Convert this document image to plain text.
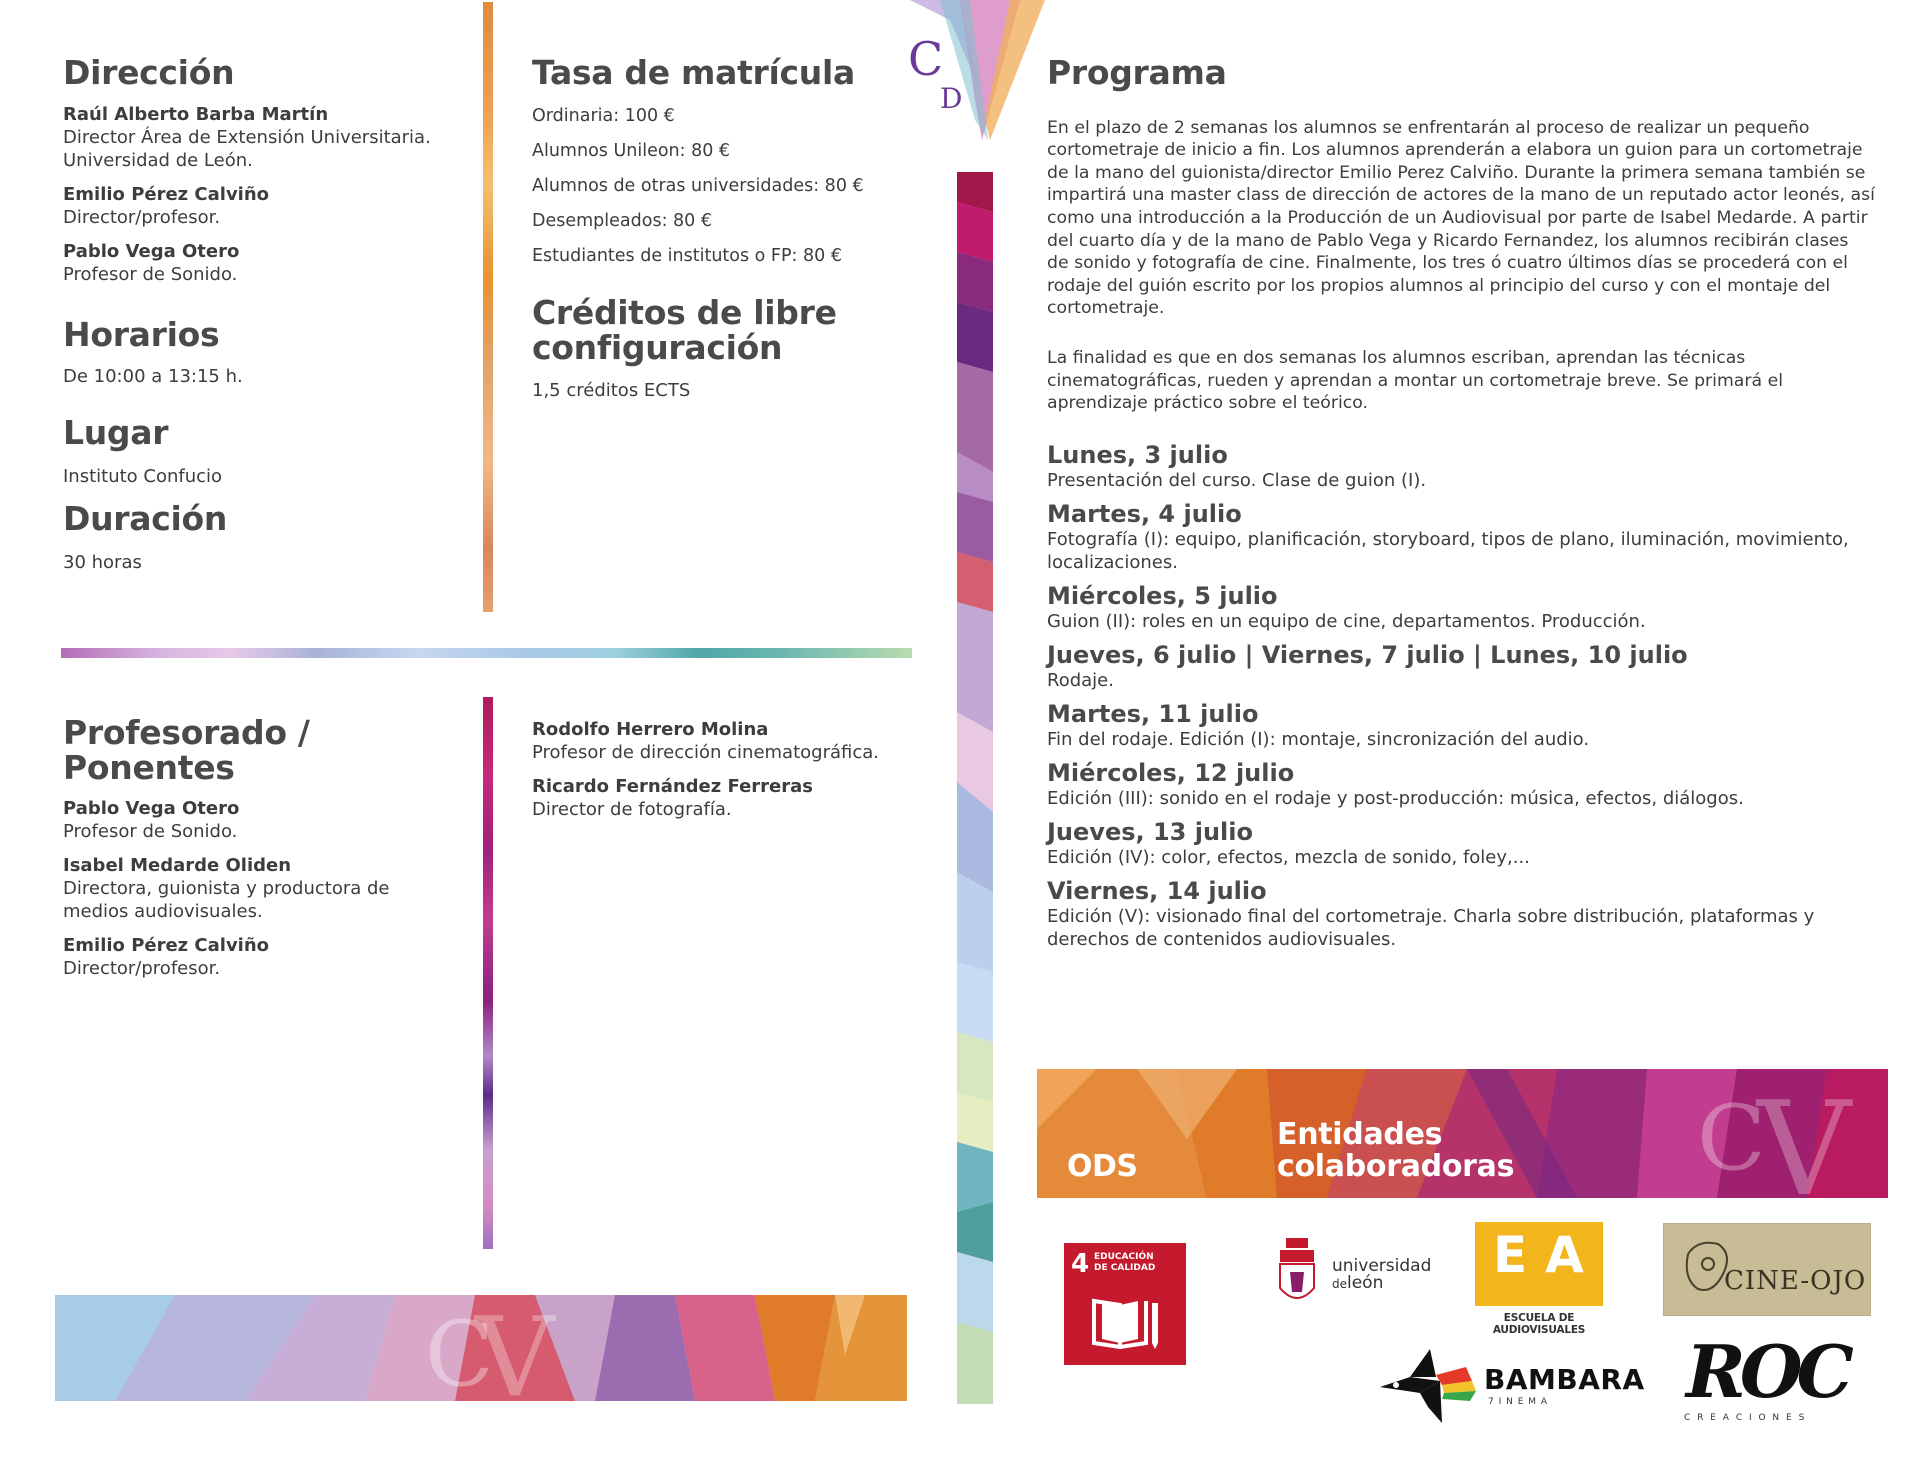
C
V
C
D
Dirección
Raúl Alberto Barba Martín
Director Área de Extensión Universitaria.
Universidad de León.
Emilio Pérez Calviño
Director/profesor.
Pablo Vega Otero
Profesor de Sonido.
Horarios
De 10:00 a 13:15 h.
Lugar
Instituto Confucio
Duración
30 horas
Tasa de matrícula
Ordinaria: 100 €
Alumnos Unileon: 80 €
Alumnos de otras universidades: 80 €
Desempleados: 80 €
Estudiantes de institutos o FP: 80 €
Créditos de libre
configuración
1,5 créditos ECTS
Profesorado / Ponentes
Pablo Vega Otero
Profesor de Sonido.
Isabel Medarde Oliden
Directora, guionista y productora de
medios audiovisuales.
Emilio Pérez Calviño
Director/profesor.
Rodolfo Herrero Molina
Profesor de dirección cinematográfica.
Ricardo Fernández Ferreras
Director de fotografía.
Programa

En el plazo de 2 semanas los alumnos se enfrentarán al proceso de realizar un pequeño cortometraje de inicio a fin. Los alumnos aprenderán a elabora un guion para un cortometraje de la mano del guionista/director Emilio Perez Calviño. Durante la primera semana también se impartirá una master class de dirección de actores de la mano de un reputado actor leonés, así como una introducción a la Producción de un Audiovisual por parte de Isabel Medarde. A partir del cuarto día y de la mano de Pablo Vega y Ricardo Fernandez, los alumnos recibirán clases de sonido y fotografía de cine. Finalmente, los tres ó cuatro últimos días se procederá con el rodaje del guión escrito por los propios alumnos al principio del curso y con el montaje del cortometraje.

La finalidad es que en dos semanas los alumnos escriban, aprendan las técnicas cinematográficas, rueden y aprendan a montar un cortometraje breve. Se primará el aprendizaje práctico sobre el teórico.

Lunes, 3 julio
Presentación del curso. Clase de guion (I).
Martes, 4 julio
Fotografía (I): equipo, planificación, storyboard, tipos de plano, iluminación, movimiento, localizaciones.
Miércoles, 5 julio
Guion (II): roles en un equipo de cine, departamentos. Producción.
Jueves, 6 julio | Viernes, 7 julio | Lunes, 10 julio
Rodaje.
Martes, 11 julio
Fin del rodaje. Edición (I): montaje, sincronización del audio.
Miércoles, 12 julio
Edición (III): sonido en el rodaje y post-producción: música, efectos, diálogos.
Jueves, 13 julio
Edición (IV): color, efectos, mezcla de sonido, foley,...
Viernes, 14 julio
Edición (V): visionado final del cortometraje. Charla sobre distribución, plataformas y derechos de contenidos audiovisuales.
C
V
ODS
Entidades
colaboradoras
4 EDUCACIÓN
DE CALIDAD	universidad
deleón	EAL
ESCUELA DE AUDIOVISUALES
CINE-OJO
BAMBARA
7 I N E M A ROC
C R E A C I O N E S
